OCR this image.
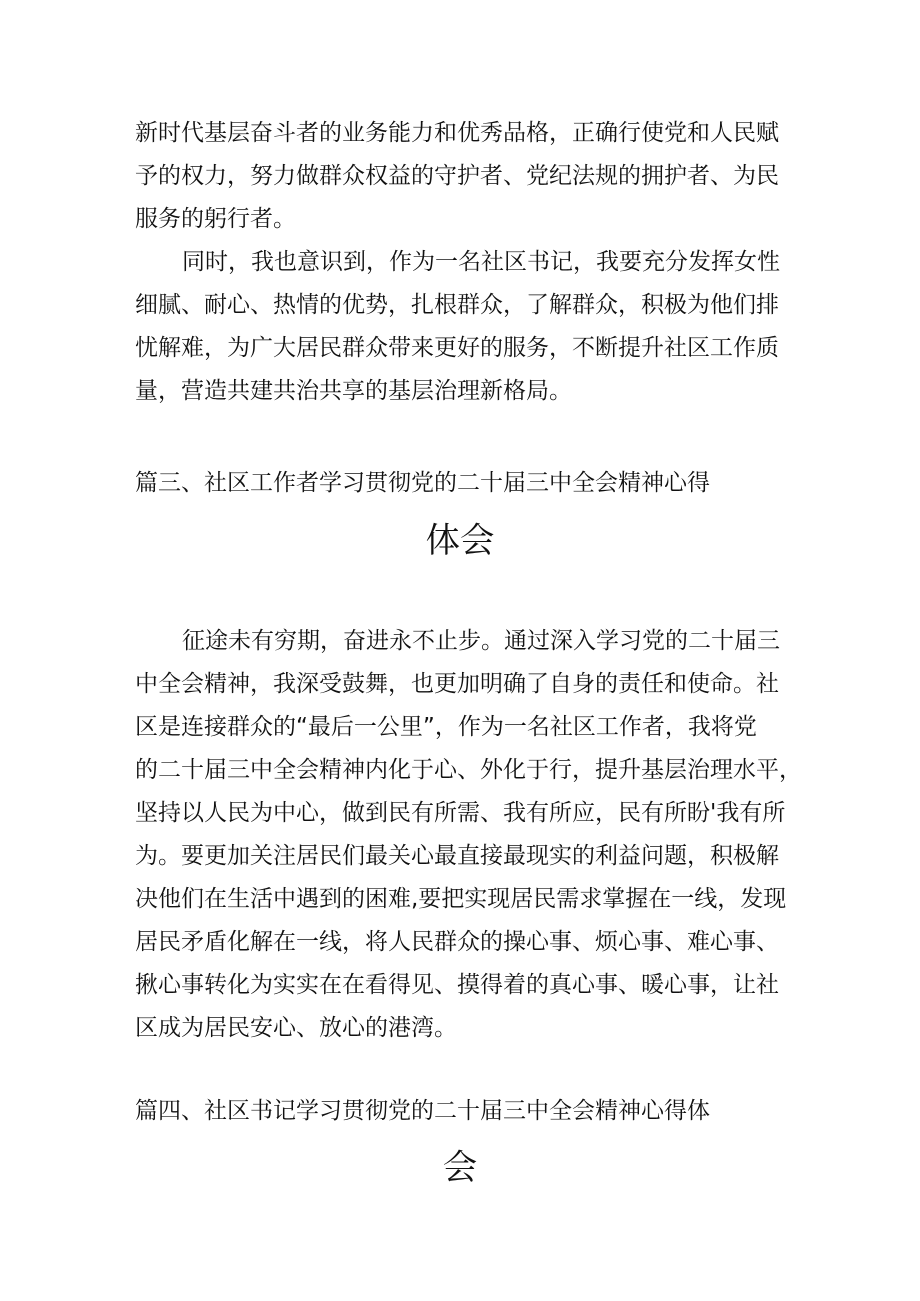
新时代基层奋斗者的业务能力和优秀品格，正确行使党和人民赋

予的权力，努力做群众权益的守护者、党纪法规的拥护者、为民

服务的躬行者。

同时，我也意识到，作为一名社区书记，我要充分发挥女性

细腻、耐心、热情的优势，扎根群众，了解群众，积极为他们排

忧解难，为广大居民群众带来更好的服务，不断提升社区工作质

量，营造共建共治共享的基层治理新格局。

篇三、社区工作者学习贯彻党的二十届三中全会精神心得
体会

征途未有穷期，奋进永不止步。通过深入学习党的二十届三

中全会精神，我深受鼓舞，也更加明确了自身的责任和使命。社

区是连接群众的“最后一公里”，作为一名社区工作者，我将党

的二十届三中全会精神内化于心、外化于行，提升基层治理水平，

坚持以人民为中心，做到民有所需、我有所应，民有所盼'我有所

为。要更加关注居民们最关心最直接最现实的利益问题，积极解

决他们在生活中遇到的困难,要把实现居民需求掌握在一线，发现

居民矛盾化解在一线，将人民群众的操心事、烦心事、难心事、

揪心事转化为实实在在看得见、摸得着的真心事、暖心事，让社

区成为居民安心、放心的港湾。

篇四、社区书记学习贯彻党的二十届三中全会精神心得体
会
